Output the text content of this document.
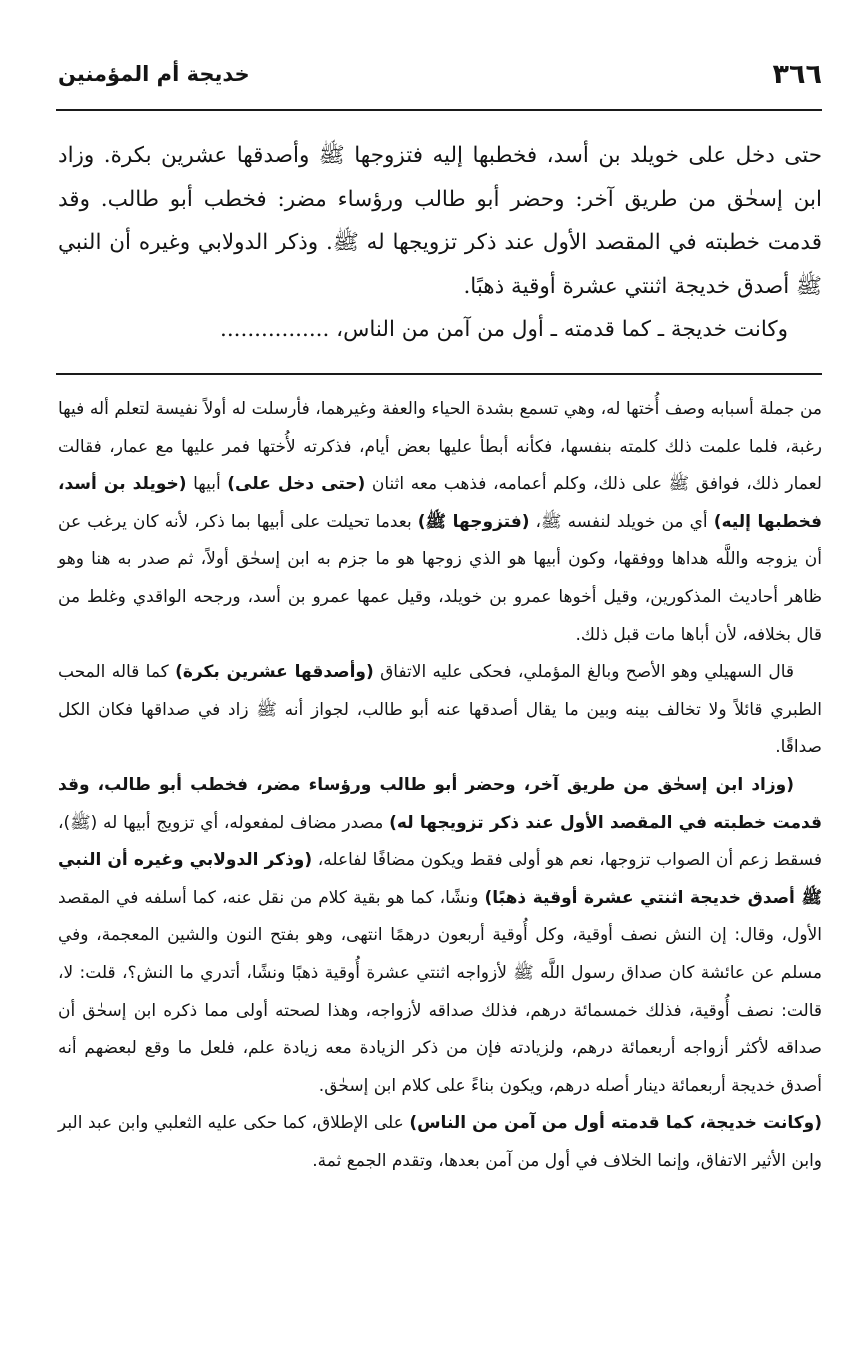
٣٦٦
خديجة أم المؤمنين

حتى دخل على خويلد بن أسد، فخطبها إليه فتزوجها ﷺ وأصدقها عشرين بكرة. وزاد ابن إسحٰق من طريق آخر: وحضر أبو طالب ورؤساء مضر: فخطب أبو طالب. وقد قدمت خطبته في المقصد الأول عند ذكر تزويجها له ﷺ. وذكر الدولابي وغيره أن النبي ﷺ أصدق خديجة اثنتي عشرة أوقية ذهبًا.

وكانت خديجة ـ كما قدمته ـ أول من آمن من الناس، ................

من جملة أسبابه وصف أُختها له، وهي تسمع بشدة الحياء والعفة وغيرهما، فأرسلت له أولاً نفيسة لتعلم أله فيها رغبة، فلما علمت ذلك كلمته بنفسها، فكأنه أبطأ عليها بعض أيام، فذكرته لأُختها فمر عليها مع عمار، فقالت لعمار ذلك، فوافق ﷺ على ذلك، وكلم أعمامه، فذهب معه اثنان (حتى دخل على) أبيها (خويلد بن أسد، فخطبها إليه) أي من خويلد لنفسه ﷺ، (فتزوجها ﷺ) بعدما تحيلت على أبيها بما ذكر، لأنه كان يرغب عن أن يزوجه واللَّه هداها ووفقها، وكون أبيها هو الذي زوجها هو ما جزم به ابن إسحٰق أولاً، ثم صدر به هنا وهو ظاهر أحاديث المذكورين، وقيل أخوها عمرو بن خويلد، وقيل عمها عمرو بن أسد، ورجحه الواقدي وغلط من قال بخلافه، لأن أباها مات قبل ذلك.

قال السهيلي وهو الأصح وبالغ المؤملي، فحكى عليه الاتفاق (وأصدقها عشرين بكرة) كما قاله المحب الطبري قائلاً ولا تخالف بينه وبين ما يقال أصدقها عنه أبو طالب، لجواز أنه ﷺ زاد في صداقها فكان الكل صداقًا.

(وزاد ابن إسحٰق من طريق آخر، وحضر أبو طالب ورؤساء مضر، فخطب أبو طالب، وقد قدمت خطبته في المقصد الأول عند ذكر تزويجها له) مصدر مضاف لمفعوله، أي تزويج أبيها له (ﷺ)، فسقط زعم أن الصواب تزوجها، نعم هو أولى فقط ويكون مضافًا لفاعله، (وذكر الدولابي وغيره أن النبي ﷺ أصدق خديجة اثنتي عشرة أوقية ذهبًا) ونشًا، كما هو بقية كلام من نقل عنه، كما أسلفه في المقصد الأول، وقال: إن النش نصف أوقية، وكل أُوقية أربعون درهمًا انتهى، وهو بفتح النون والشين المعجمة، وفي مسلم عن عائشة كان صداق رسول اللَّه ﷺ لأزواجه اثنتي عشرة أُوقية ذهبًا ونشًا، أتدري ما النش؟، قلت: لا، قالت: نصف أُوقية، فذلك خمسمائة درهم، فذلك صداقه لأزواجه، وهذا لصحته أولى مما ذكره ابن إسحٰق أن صداقه لأكثر أزواجه أربعمائة درهم، ولزيادته فإن من ذكر الزيادة معه زيادة علم، فلعل ما وقع لبعضهم أنه أصدق خديجة أربعمائة دينار أصله درهم، ويكون بناءً على كلام ابن إسحٰق.

(وكانت خديجة، كما قدمته أول من آمن من الناس) على الإطلاق، كما حكى عليه الثعلبي وابن عبد البر وابن الأثير الاتفاق، وإنما الخلاف في أول من آمن بعدها، وتقدم الجمع ثمة.
